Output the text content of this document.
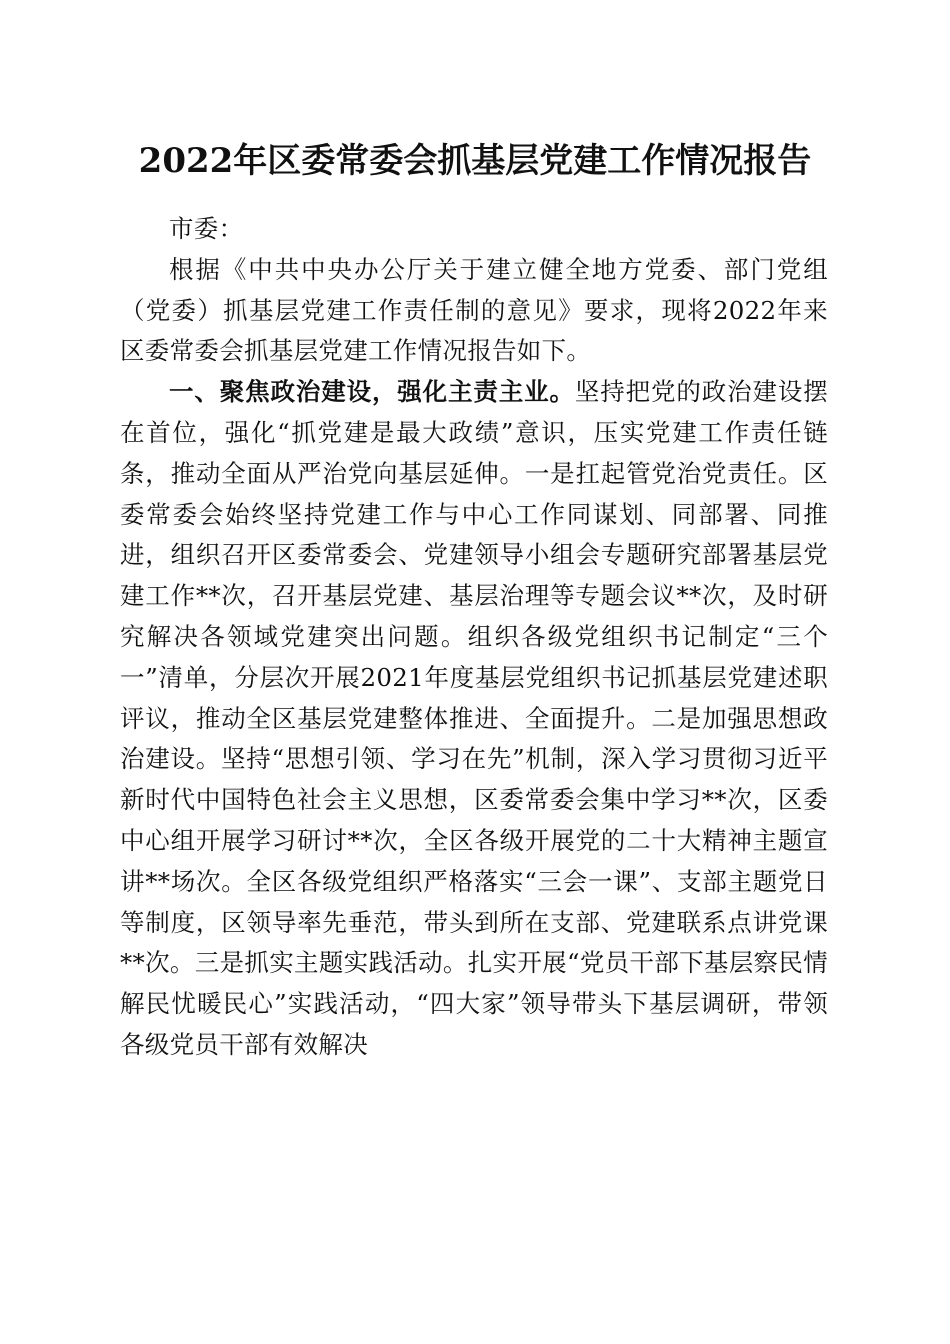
2022年区委常委会抓基层党建工作情况报告

市委：

根据《中共中央办公厅关于建立健全地方党委、部门党组（党委）抓基层党建工作责任制的意见》要求，现将2022年来区委常委会抓基层党建工作情况报告如下。

一、聚焦政治建设，强化主责主业。坚持把党的政治建设摆在首位，强化“抓党建是最大政绩”意识，压实党建工作责任链条，推动全面从严治党向基层延伸。一是扛起管党治党责任。区委常委会始终坚持党建工作与中心工作同谋划、同部署、同推进，组织召开区委常委会、党建领导小组会专题研究部署基层党建工作**次，召开基层党建、基层治理等专题会议**次，及时研究解决各领域党建突出问题。组织各级党组织书记制定“三个一”清单，分层次开展2021年度基层党组织书记抓基层党建述职评议，推动全区基层党建整体推进、全面提升。二是加强思想政治建设。坚持“思想引领、学习在先”机制，深入学习贯彻习近平新时代中国特色社会主义思想，区委常委会集中学习**次，区委中心组开展学习研讨**次，全区各级开展党的二十大精神主题宣讲**场次。全区各级党组织严格落实“三会一课”、支部主题党日等制度，区领导率先垂范，带头到所在支部、党建联系点讲党课**次。三是抓实主题实践活动。扎实开展“党员干部下基层察民情解民忧暖民心”实践活动，“四大家”领导带头下基层调研，带领各级党员干部有效解决
